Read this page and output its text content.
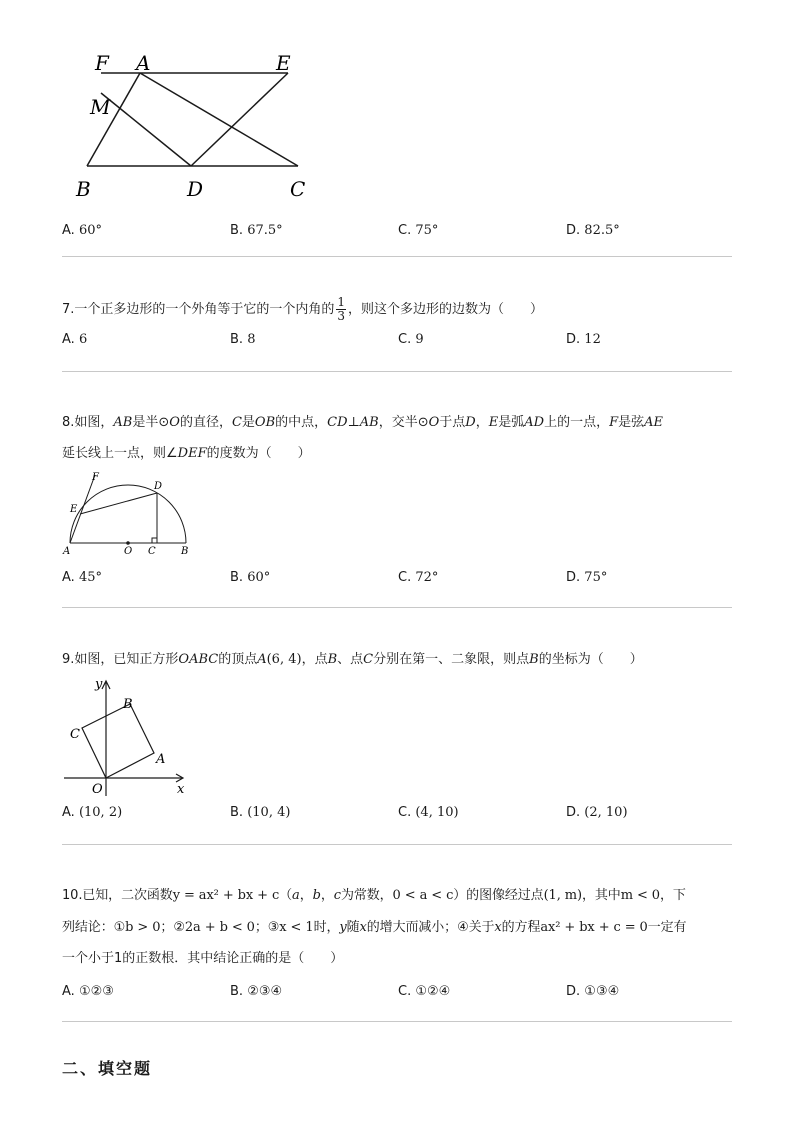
F A	E
M
B	D	C
A. 60°	B. 67.5°	C. 75°	D. 82.5°
7.一个正多边形的一个外角等于它的一个内角的 $\frac{1}{3}$ ，则这个多边形的边数为（　　）
A. 6	B. 8	C. 9	D. 12
8.如图，AB是半⊙O的直径，C是OB的中点，CD⊥AB，交半⊙O于点D，E是弧AD上的一点，F是弦AE
延长线上一点，则∠DEF的度数为（　　）
F
D
E
A	O C	B
A. 45°	B. 60°	C. 72°	D. 75°
9.如图，已知正方形OABC的顶点A(6, 4)，点B、点C分别在第一、二象限，则点B的坐标为（　　）
y
B
C
A
O	x
A. (10, 2)	B. (10, 4)	C. (4, 10)	D. (2, 10)
10.已知，二次函数y = ax² + bx + c（a，b，c为常数，0 < a < c）的图像经过点(1, m)，其中m < 0，下
列结论：①b > 0；②2a + b < 0；③x < 1时，y随x的增大而减小；④关于x的方程ax² + bx + c = 0一定有
一个小于1的正数根．其中结论正确的是（　　）
A. ①②③	B. ②③④	C. ①②④	D. ①③④
二、填空题
